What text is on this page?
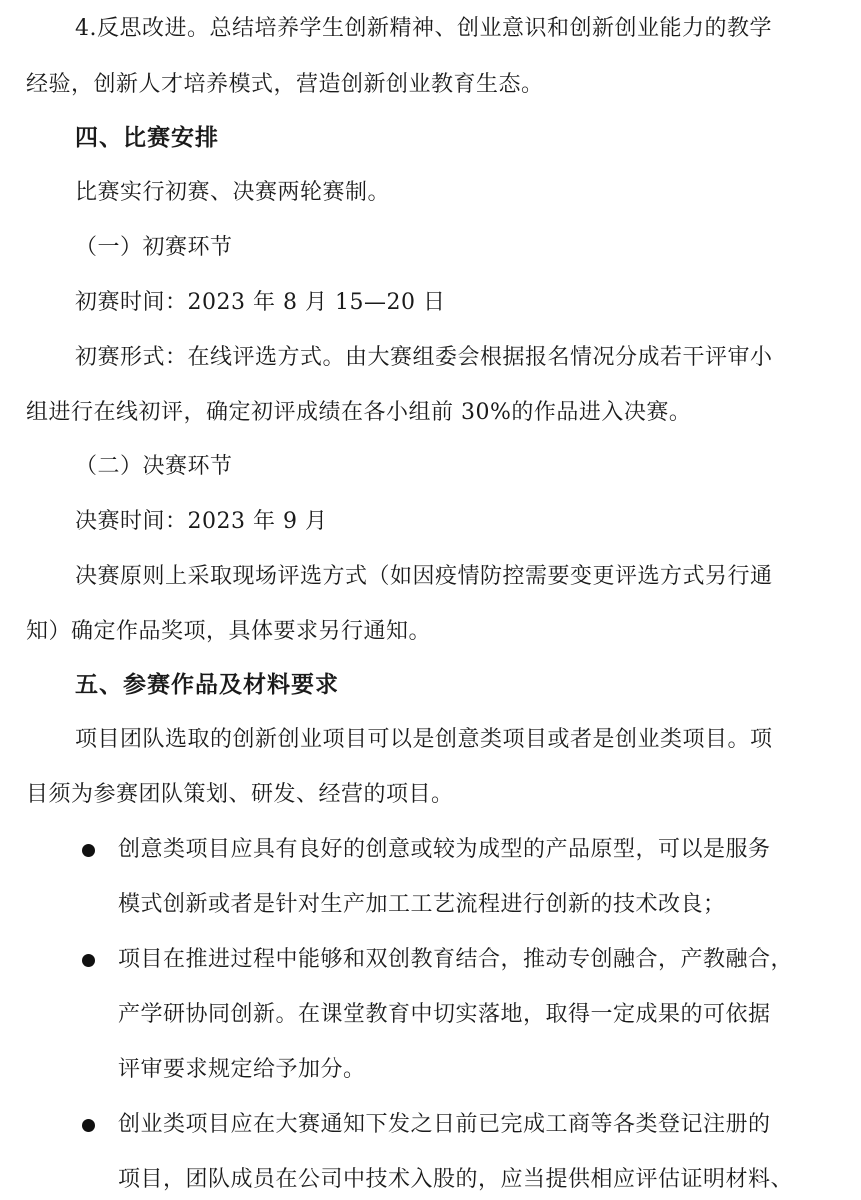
4.反思改进。总结培养学生创新精神、创业意识和创新创业能力的教学
经验，创新人才培养模式，营造创新创业教育生态。
四、比赛安排
比赛实行初赛、决赛两轮赛制。
（一）初赛环节
初赛时间：2023 年 8 月 15—20 日
初赛形式：在线评选方式。由大赛组委会根据报名情况分成若干评审小
组进行在线初评，确定初评成绩在各小组前 30%的作品进入决赛。
（二）决赛环节
决赛时间：2023 年 9 月
决赛原则上采取现场评选方式（如因疫情防控需要变更评选方式另行通
知）确定作品奖项，具体要求另行通知。
五、参赛作品及材料要求
项目团队选取的创新创业项目可以是创意类项目或者是创业类项目。项
目须为参赛团队策划、研发、经营的项目。
创意类项目应具有良好的创意或较为成型的产品原型，可以是服务
模式创新或者是针对生产加工工艺流程进行创新的技术改良；
项目在推进过程中能够和双创教育结合，推动专创融合，产教融合，
产学研协同创新。在课堂教育中切实落地，取得一定成果的可依据
评审要求规定给予加分。
创业类项目应在大赛通知下发之日前已完成工商等各类登记注册的
项目，团队成员在公司中技术入股的，应当提供相应评估证明材料、
